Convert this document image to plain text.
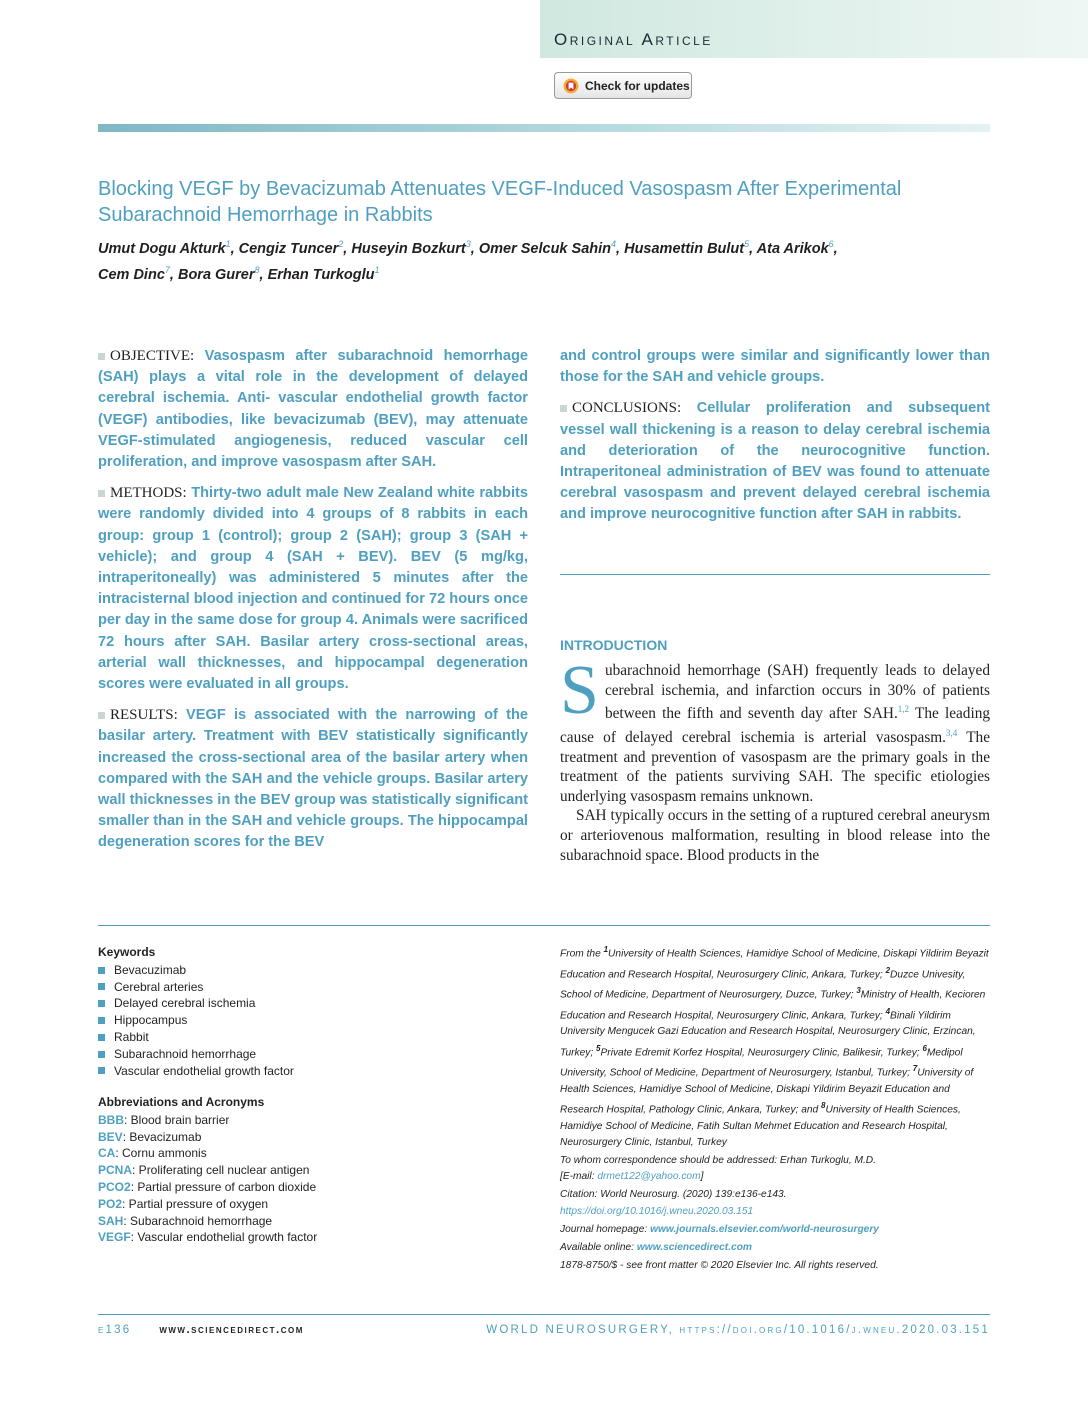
Original Article
Check for updates
Blocking VEGF by Bevacizumab Attenuates VEGF-Induced Vasospasm After Experimental Subarachnoid Hemorrhage in Rabbits
Umut Dogu Akturk$^1$, Cengiz Tuncer$^2$, Huseyin Bozkurt$^3$, Omer Selcuk Sahin$^4$, Husamettin Bulut$^5$, Ata Arikok$^6$,
Cem Dinc$^7$, Bora Gurer$^8$, Erhan Turkoglu$^1$

OBJECTIVE: Vasospasm after subarachnoid hemorrhage (SAH) plays a vital role in the development of delayed cerebral ischemia. Anti- vascular endothelial growth factor (VEGF) antibodies, like bevacizumab (BEV), may attenuate VEGF-stimulated angiogenesis, reduced vascular cell proliferation, and improve vasospasm after SAH.

METHODS: Thirty-two adult male New Zealand white rabbits were randomly divided into 4 groups of 8 rabbits in each group: group 1 (control); group 2 (SAH); group 3 (SAH + vehicle); and group 4 (SAH + BEV). BEV (5 mg/kg, intraperitoneally) was administered 5 minutes after the intracisternal blood injection and continued for 72 hours once per day in the same dose for group 4. Animals were sacrificed 72 hours after SAH. Basilar artery cross-sectional areas, arterial wall thicknesses, and hippocampal degeneration scores were evaluated in all groups.

RESULTS: VEGF is associated with the narrowing of the basilar artery. Treatment with BEV statistically significantly increased the cross-sectional area of the basilar artery when compared with the SAH and the vehicle groups. Basilar artery wall thicknesses in the BEV group was statistically significant smaller than in the SAH and vehicle groups. The hippocampal degeneration scores for the BEV

and control groups were similar and significantly lower than those for the SAH and vehicle groups.

CONCLUSIONS: Cellular proliferation and subsequent vessel wall thickening is a reason to delay cerebral ischemia and deterioration of the neurocognitive function. Intraperitoneal administration of BEV was found to attenuate cerebral vasospasm and prevent delayed cerebral ischemia and improve neurocognitive function after SAH in rabbits.

INTRODUCTION

Subarachnoid hemorrhage (SAH) frequently leads to delayed cerebral ischemia, and infarction occurs in 30% of patients between the fifth and seventh day after SAH.$^{1,2}$ The leading cause of delayed cerebral ischemia is arterial vasospasm.$^{3,4}$ The treatment and prevention of vasospasm are the primary goals in the treatment of the patients surviving SAH. The specific etiologies underlying vasospasm remains unknown.

SAH typically occurs in the setting of a ruptured cerebral aneurysm or arteriovenous malformation, resulting in blood release into the subarachnoid space. Blood products in the

Keywords
Bevacuzimab
Cerebral arteries
Delayed cerebral ischemia
Hippocampus
Rabbit
Subarachnoid hemorrhage
Vascular endothelial growth factor
Abbreviations and Acronyms
BBB: Blood brain barrier
BEV: Bevacizumab
CA: Cornu ammonis
PCNA: Proliferating cell nuclear antigen
PCO2: Partial pressure of carbon dioxide
PO2: Partial pressure of oxygen
SAH: Subarachnoid hemorrhage
VEGF: Vascular endothelial growth factor

From the $^1$University of Health Sciences, Hamidiye School of Medicine, Diskapi Yildirim Beyazit Education and Research Hospital, Neurosurgery Clinic, Ankara, Turkey; $^2$Duzce Univesity, School of Medicine, Department of Neurosurgery, Duzce, Turkey; $^3$Ministry of Health, Kecioren Education and Research Hospital, Neurosurgery Clinic, Ankara, Turkey; $^4$Binali Yildirim University Mengucek Gazi Education and Research Hospital, Neurosurgery Clinic, Erzincan, Turkey; $^5$Private Edremit Korfez Hospital, Neurosurgery Clinic, Balikesir, Turkey; $^6$Medipol University, School of Medicine, Department of Neurosurgery, Istanbul, Turkey; $^7$University of Health Sciences, Hamidiye School of Medicine, Diskapi Yildirim Beyazit Education and Research Hospital, Pathology Clinic, Ankara, Turkey; and $^8$University of Health Sciences, Hamidiye School of Medicine, Fatih Sultan Mehmet Education and Research Hospital, Neurosurgery Clinic, Istanbul, Turkey

To whom correspondence should be addressed: Erhan Turkoglu, M.D.
[E-mail: drmet122@yahoo.com]

Citation: World Neurosurg. (2020) 139:e136-e143.
https://doi.org/10.1016/j.wneu.2020.03.151

Journal homepage: www.journals.elsevier.com/world-neurosurgery

Available online: www.sciencedirect.com

1878-8750/$ - see front matter © 2020 Elsevier Inc. All rights reserved.

e136 www.sciencedirect.com	WORLD NEUROSURGERY, https://doi.org/10.1016/j.wneu.2020.03.151
